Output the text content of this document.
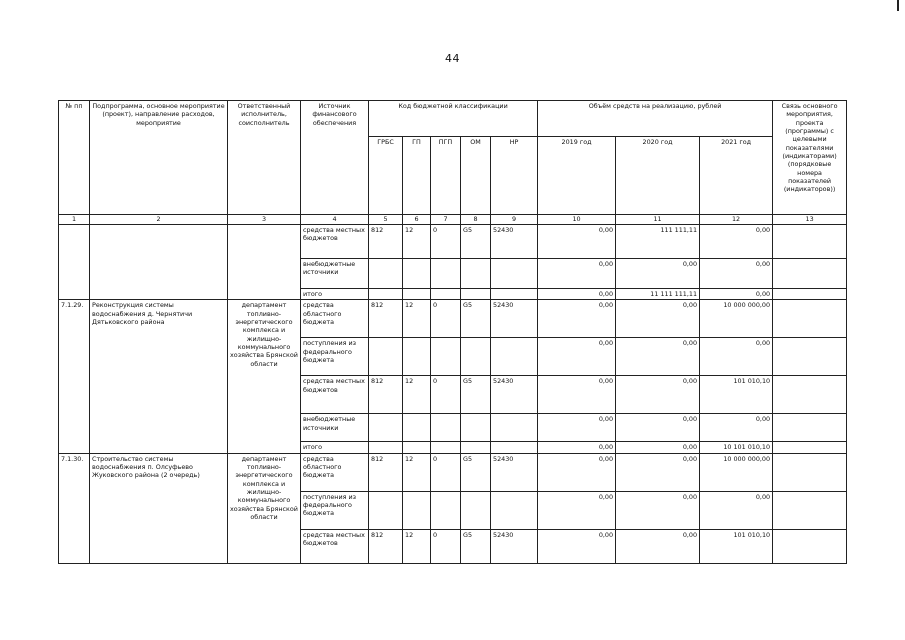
44
№ пп	Подпрограмма, основное мероприятие (проект), направление расходов, мероприятие	Ответственный исполнитель, соисполнитель	Источник финансового обеспечения	Код бюджетной классификации					Объём средств на реализацию, рублей			Связь основного мероприятия, проекта (программы) с целевыми показателями (индикаторами) (порядковые номера показателей (индикаторов))
				ГРБС	ГП	ПГП	ОМ	НР	2019 год	2020 год	2021 год	
1	2	3	4	5	6	7	8	9	10	11	12	13
			средства местных бюджетов	812	12	0	G5	52430	0,00	111 111,11	0,00	
			внебюджетные источники						0,00	0,00	0,00	
			итого						0,00	11 111 111,11	0,00	
7.1.29.	Реконструкция системы водоснабжения д. Чернятичи Дятьковского района	департамент топливно-энергетического комплекса и жилищно-коммунального хозяйства Брянской области	средства областного бюджета	812	12	0	G5	52430	0,00	0,00	10 000 000,00	
			поступления из федерального бюджета						0,00	0,00	0,00	
			средства местных бюджетов	812	12	0	G5	52430	0,00	0,00	101 010,10	
			внебюджетные источники						0,00	0,00	0,00	
			итого						0,00	0,00	10 101 010,10	
7.1.30.	Строительство системы водоснабжения п. Олсуфьево Жуковского района (2 очередь)	департамент топливно-энергетического комплекса и жилищно-коммунального хозяйства Брянской области	средства областного бюджета	812	12	0	G5	52430	0,00	0,00	10 000 000,00	
			поступления из федерального бюджета						0,00	0,00	0,00	
			средства местных бюджетов	812	12	0	G5	52430	0,00	0,00	101 010,10	
